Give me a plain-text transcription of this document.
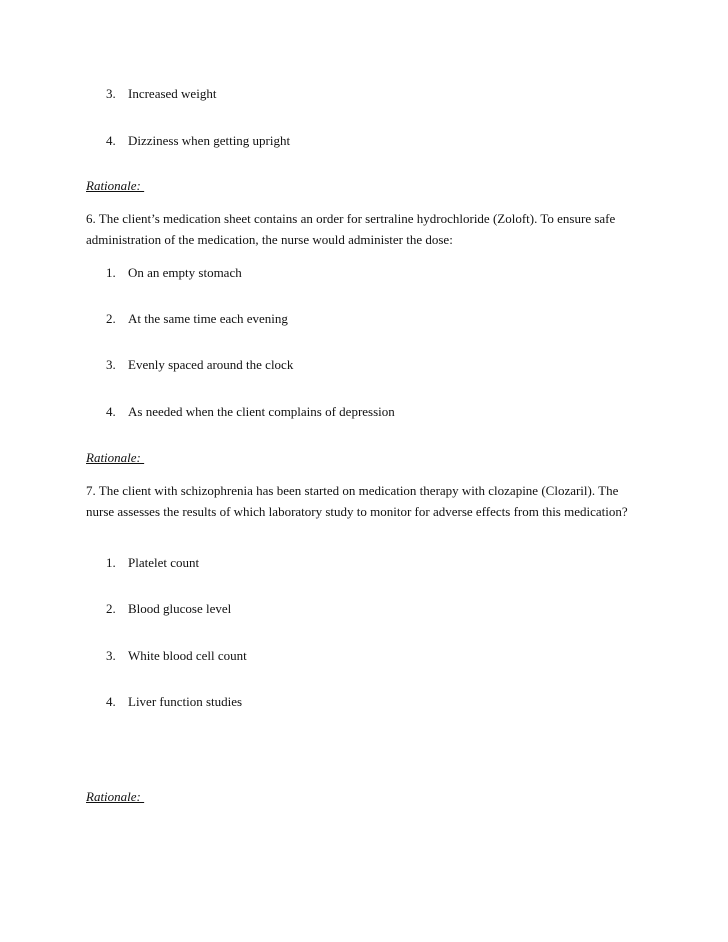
3. Increased weight
4. Dizziness when getting upright
Rationale:
6. The client’s medication sheet contains an order for sertraline hydrochloride (Zoloft). To ensure safe administration of the medication, the nurse would administer the dose:
1. On an empty stomach
2. At the same time each evening
3. Evenly spaced around the clock
4. As needed when the client complains of depression
Rationale:
7. The client with schizophrenia has been started on medication therapy with clozapine (Clozaril). The nurse assesses the results of which laboratory study to monitor for adverse effects from this medication?
1. Platelet count
2. Blood glucose level
3. White blood cell count
4. Liver function studies
Rationale:
